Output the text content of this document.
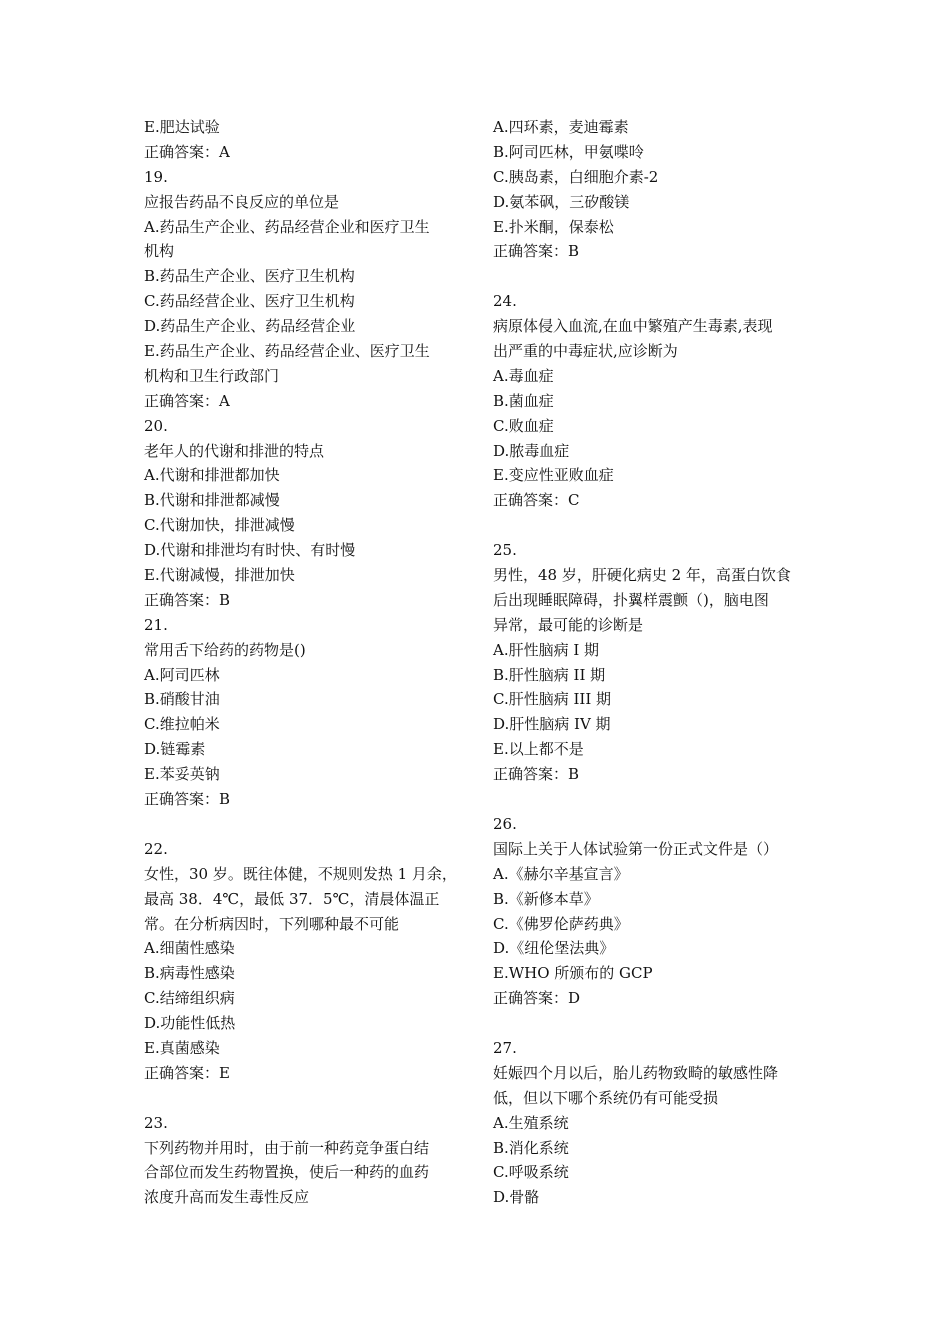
E.肥达试验
正确答案：A
19.
应报告药品不良反应的单位是
A.药品生产企业、药品经营企业和医疗卫生
机构
B.药品生产企业、医疗卫生机构
C.药品经营企业、医疗卫生机构
D.药品生产企业、药品经营企业
E.药品生产企业、药品经营企业、医疗卫生
机构和卫生行政部门
正确答案：A
20.
老年人的代谢和排泄的特点
A.代谢和排泄都加快
B.代谢和排泄都减慢
C.代谢加快，排泄减慢
D.代谢和排泄均有时快、有时慢
E.代谢减慢，排泄加快
正确答案：B
21.
常用舌下给药的药物是()
A.阿司匹林
B.硝酸甘油
C.维拉帕米
D.链霉素
E.苯妥英钠
正确答案：B
22.
女性，30 岁。既往体健，不规则发热 1 月余，
最高 38．4℃，最低 37．5℃，清晨体温正
常。在分析病因时，下列哪种最不可能
A.细菌性感染
B.病毒性感染
C.结缔组织病
D.功能性低热
E.真菌感染
正确答案：E
23.
下列药物并用时，由于前一种药竞争蛋白结
合部位而发生药物置换，使后一种药的血药
浓度升高而发生毒性反应
A.四环素，麦迪霉素
B.阿司匹林，甲氨喋呤
C.胰岛素，白细胞介素-2
D.氨苯砜，三矽酸镁
E.扑米酮，保泰松
正确答案：B
24.
病原体侵入血流,在血中繁殖产生毒素,表现
出严重的中毒症状,应诊断为
A.毒血症
B.菌血症
C.败血症
D.脓毒血症
E.变应性亚败血症
正确答案：C
25.
男性，48 岁，肝硬化病史 2 年，高蛋白饮食
后出现睡眠障碍，扑翼样震颤（)，脑电图
异常，最可能的诊断是
A.肝性脑病 I 期
B.肝性脑病 II 期
C.肝性脑病 III 期
D.肝性脑病 IV 期
E.以上都不是
正确答案：B
26.
国际上关于人体试验第一份正式文件是（）
A.《赫尔辛基宣言》
B.《新修本草》
C.《佛罗伦萨药典》
D.《纽伦堡法典》
E.WHO 所颁布的 GCP
正确答案：D
27.
妊娠四个月以后，胎儿药物致畸的敏感性降
低，但以下哪个系统仍有可能受损
A.生殖系统
B.消化系统
C.呼吸系统
D.骨骼
